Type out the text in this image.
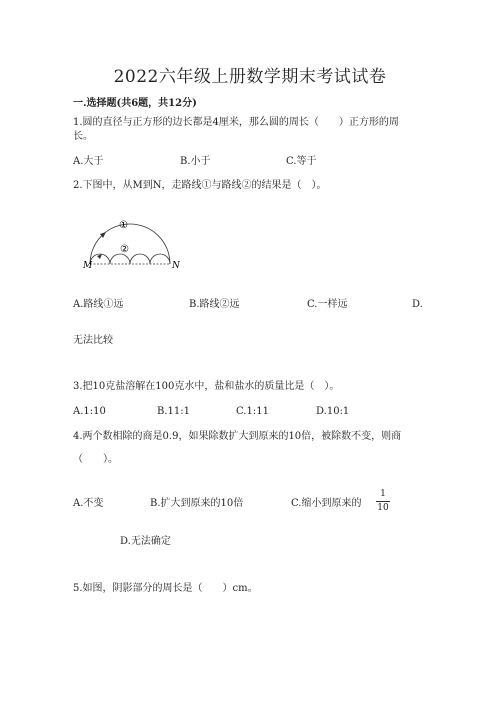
2022六年级上册数学期末考试试卷
一.选择题(共6题，共12分)
1.圆的直径与正方形的边长都是4厘米，那么圆的周长（　　）正方形的周
长。
A.大于	B.小于	C.等于
2.下图中，从M到N，走路线①与路线②的结果是（　）。
①
②
M	N
A.路线①远	B.路线②远	C.一样远	D.
无法比较
3.把10克盐溶解在100克水中，盐和盐水的质量比是（　）。
A.1:10	B.11:1	C.1:11	D.10:1
4.两个数相除的商是0.9，如果除数扩大到原来的10倍，被除数不变，则商
（　　）。
A.不变	B.扩大到原来的10倍	C.缩小到原来的
1
10
D.无法确定
5.如图，阴影部分的周长是（　　）cm。
